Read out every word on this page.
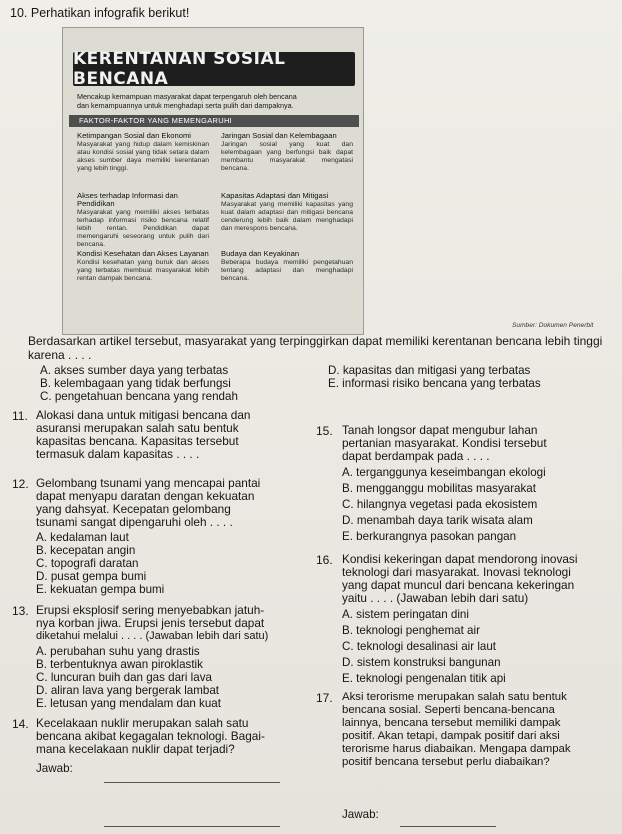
10. Perhatikan infografik berikut!
KERENTANAN SOSIAL BENCANA
Mencakup kemampuan masyarakat dapat terpengaruh oleh bencana
dan kemampuannya untuk menghadapi serta pulih dari dampaknya.
FAKTOR-FAKTOR YANG MEMENGARUHI
Ketimpangan Sosial dan Ekonomi
Masyarakat yang hidup dalam kemiskinan atau kondisi sosial yang tidak setara dalam akses sumber daya memiliki kerentanan yang lebih tinggi.
Jaringan Sosial dan Kelembagaan
Jaringan sosial yang kuat dan kelembagaan yang berfungsi baik dapat membantu masyarakat mengatasi bencana.
Akses terhadap Informasi dan Pendidikan
Masyarakat yang memiliki akses terbatas terhadap informasi risiko bencana relatif lebih rentan. Pendidikan dapat memengaruhi seseorang untuk pulih dari bencana.
Kapasitas Adaptasi dan Mitigasi
Masyarakat yang memiliki kapasitas yang kuat dalam adaptasi dan mitigasi bencana cenderung lebih baik dalam menghadapi dan merespons bencana.
Kondisi Kesehatan dan Akses Layanan
Kondisi kesehatan yang buruk dan akses yang terbatas membuat masyarakat lebih rentan dampak bencana.
Budaya dan Keyakinan
Beberapa budaya memiliki pengetahuan tentang adaptasi dan menghadapi bencana.
Sumber: Dokumen Penerbit
Berdasarkan artikel tersebut, masyarakat yang terpinggirkan dapat memiliki kerentanan bencana lebih tinggi karena . . . .
A. akses sumber daya yang terbatas
B. kelembagaan yang tidak berfungsi
C. pengetahuan bencana yang rendah
D. kapasitas dan mitigasi yang terbatas
E. informasi risiko bencana yang terbatas
11. Alokasi dana untuk mitigasi bencana dan
asuransi merupakan salah satu bentuk
kapasitas bencana. Kapasitas tersebut
termasuk dalam kapasitas . . . .
12. Gelombang tsunami yang mencapai pantai
dapat menyapu daratan dengan kekuatan
yang dahsyat. Kecepatan gelombang
tsunami sangat dipengaruhi oleh . . . .
A. kedalaman laut
B. kecepatan angin
C. topografi daratan
D. pusat gempa bumi
E. kekuatan gempa bumi
13. Erupsi eksplosif sering menyebabkan jatuh-
nya korban jiwa. Erupsi jenis tersebut dapat
diketahui melalui . . . . (Jawaban lebih dari satu)
A. perubahan suhu yang drastis
B. terbentuknya awan piroklastik
C. luncuran buih dan gas dari lava
D. aliran lava yang bergerak lambat
E. letusan yang mendalam dan kuat
14. Kecelakaan nuklir merupakan salah satu
bencana akibat kegagalan teknologi. Bagai-
mana kecelakaan nuklir dapat terjadi?
Jawab:
15. Tanah longsor dapat mengubur lahan
pertanian masyarakat. Kondisi tersebut
dapat berdampak pada . . . .
A. terganggunya keseimbangan ekologi
B. mengganggu mobilitas masyarakat
C. hilangnya vegetasi pada ekosistem
D. menambah daya tarik wisata alam
E. berkurangnya pasokan pangan
16. Kondisi kekeringan dapat mendorong inovasi
teknologi dari masyarakat. Inovasi teknologi
yang dapat muncul dari bencana kekeringan
yaitu . . . . (Jawaban lebih dari satu)
A. sistem peringatan dini
B. teknologi penghemat air
C. teknologi desalinasi air laut
D. sistem konstruksi bangunan
E. teknologi pengenalan titik api
17. Aksi terorisme merupakan salah satu bentuk
bencana sosial. Seperti bencana-bencana
lainnya, bencana tersebut memiliki dampak
positif. Akan tetapi, dampak positif dari aksi
terorisme harus diabaikan. Mengapa dampak
positif bencana tersebut perlu diabaikan?
Jawab:
